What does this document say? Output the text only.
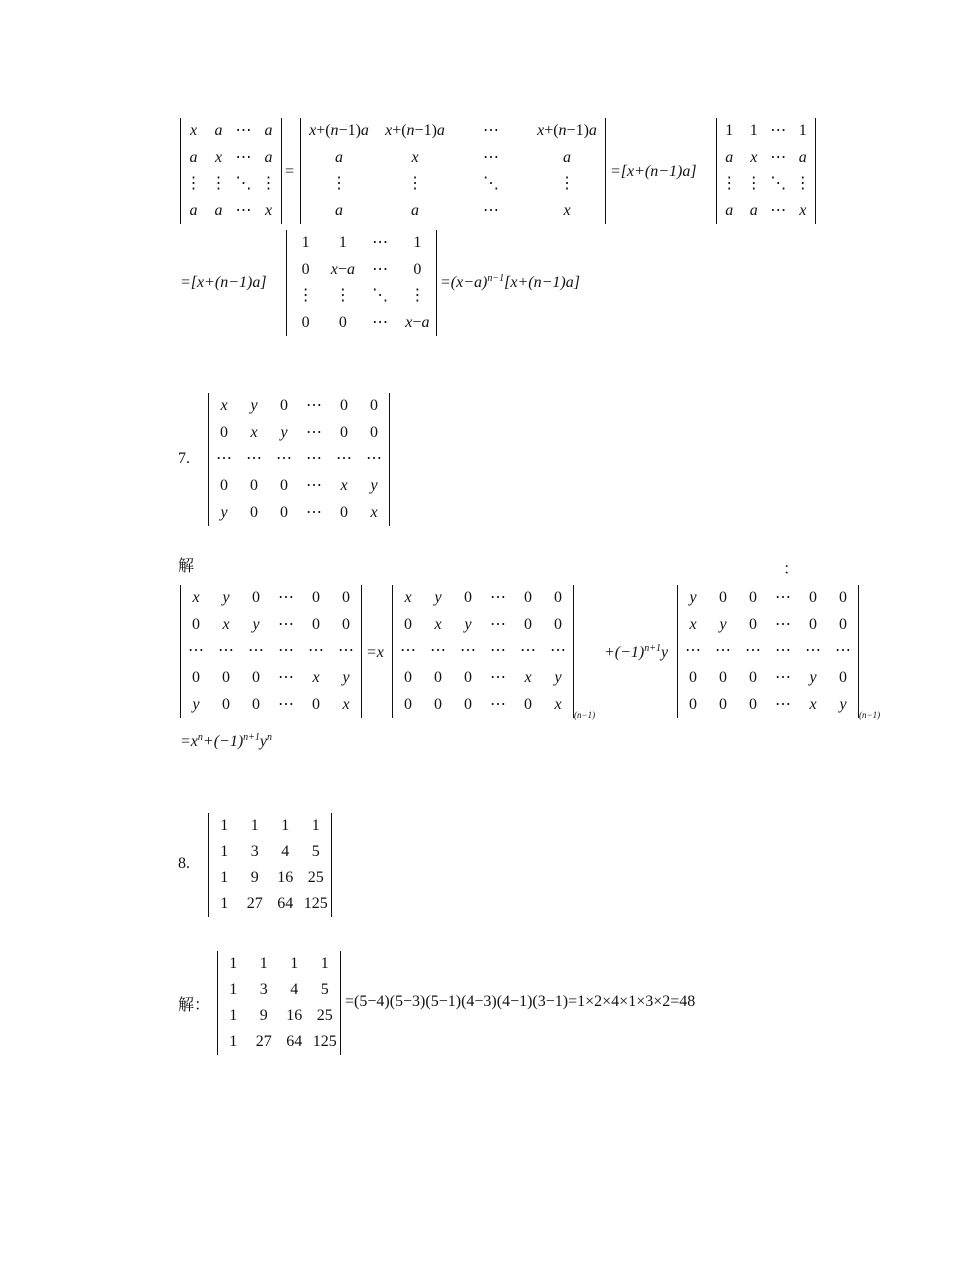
x	a	⋯	a
a	x	⋯	a
⋮	⋮	⋱	⋮
a	a	⋯	x
=
x+(n−1)a	x+(n−1)a	⋯	x+(n−1)a
a	x	⋯	a
⋮	⋮	⋱	⋮
a	a	⋯	x
=[x+(n−1)a]
1	1	⋯	1
a	x	⋯	a
⋮	⋮	⋱	⋮
a	a	⋯	x
=[x+(n−1)a]
1	1	⋯	1
0	x−a	⋯	0
⋮	⋮	⋱	⋮
0	0	⋯	x−a
$=(x-a)^{n-1}[x+(n-1)a]$
7.
x	y	0	⋯	0	0
0	x	y	⋯	0	0
⋯	⋯	⋯	⋯	⋯	⋯
0	0	0	⋯	x	y
y	0	0	⋯	0	x
解	：
x	y	0	⋯	0	0
0	x	y	⋯	0	0
⋯	⋯	⋯	⋯	⋯	⋯
0	0	0	⋯	x	y
y	0	0	⋯	0	x
=x
x	y	0	⋯	0	0
0	x	y	⋯	0	0
⋯	⋯	⋯	⋯	⋯	⋯
0	0	0	⋯	x	y
0	0	0	⋯	0	x
(n−1)
$+(-1)^{n+1}y$
y	0	0	⋯	0	0
x	y	0	⋯	0	0
⋯	⋯	⋯	⋯	⋯	⋯
0	0	0	⋯	y	0
0	0	0	⋯	x	y
(n−1)
$=x^n+(-1)^{n+1}y^n$
8.
1	1	1	1
1	3	4	5
1	9	16	25
1	27	64	125
解：
1	1	1	1
1	3	4	5
1	9	16	25
1	27	64	125
=(5−4)(5−3)(5−1)(4−3)(4−1)(3−1)=1×2×4×1×3×2=48
